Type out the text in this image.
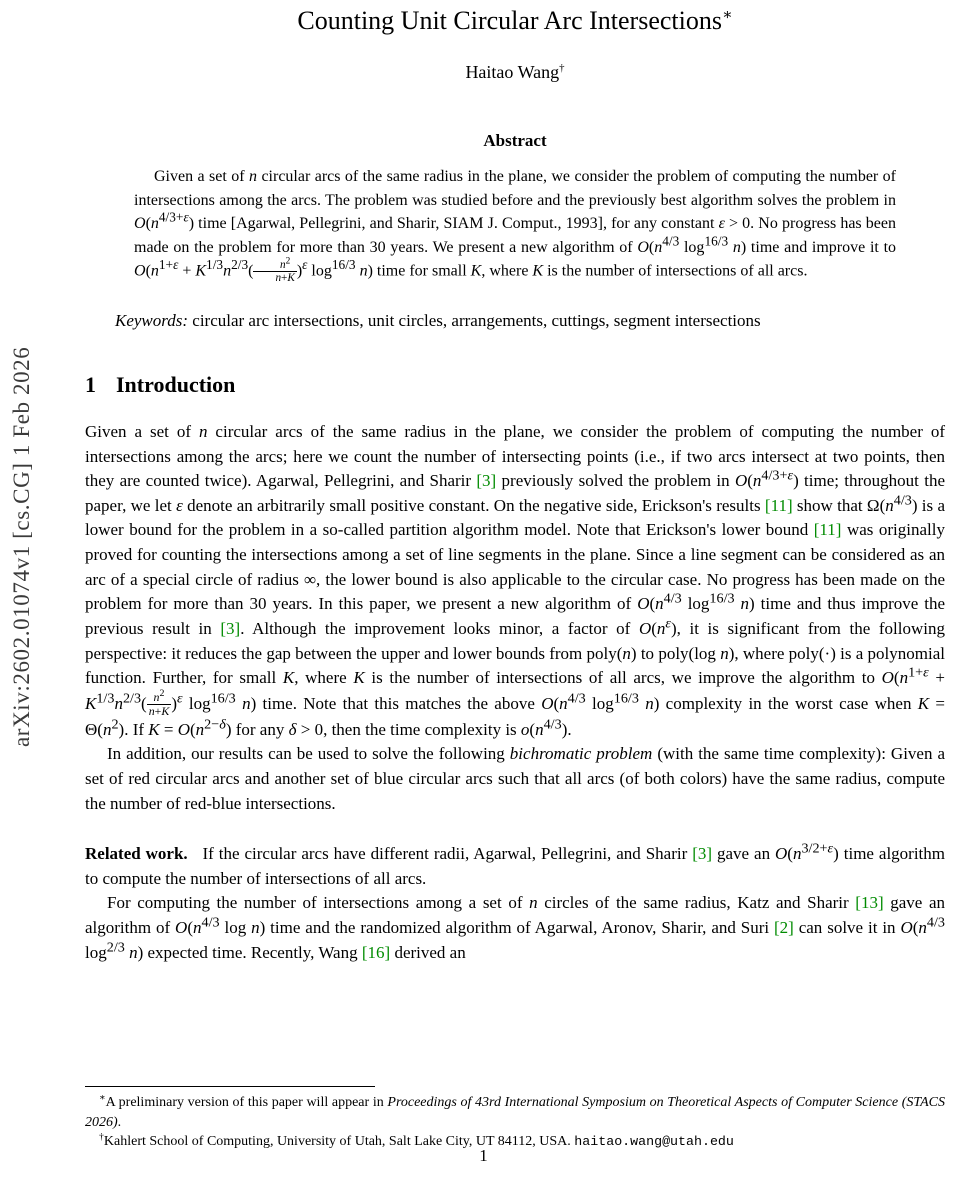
arXiv:2602.01074v1 [cs.CG] 1 Feb 2026
Counting Unit Circular Arc Intersections∗
Haitao Wang†
Abstract

Given a set of n circular arcs of the same radius in the plane, we consider the problem of computing the number of intersections among the arcs. The problem was studied before and the previously best algorithm solves the problem in $O(n^{4/3+\varepsilon})$ time [Agarwal, Pellegrini, and Sharir, SIAM J. Comput., 1993], for any constant ε > 0. No progress has been made on the problem for more than 30 years. We present a new algorithm of $O(n^{4/3}$ $\log^{16/3} n$) time and improve it to $O(n^{1+\varepsilon} + K^{1/3}n^{2/3}( \frac{n^2}{n+K} )^\varepsilon$ $\log^{16/3} n$) time for small K, where K is the number of intersections of all arcs.

Keywords: circular arc intersections, unit circles, arrangements, cuttings, segment intersections

1 Introduction

Given a set of n circular arcs of the same radius in the plane, we consider the problem of computing the number of intersections among the arcs; here we count the number of intersecting points (i.e., if two arcs intersect at two points, then they are counted twice). Agarwal, Pellegrini, and Sharir [3] previously solved the problem in $O(n^{4/3+\varepsilon})$ time; throughout the paper, we let ε denote an arbitrarily small positive constant. On the negative side, Erickson's results [11] show that $\Omega(n^{4/3})$ is a lower bound for the problem in a so-called partition algorithm model. Note that Erickson's lower bound [11] was originally proved for counting the intersections among a set of line segments in the plane. Since a line segment can be considered as an arc of a special circle of radius ∞, the lower bound is also applicable to the circular case. No progress has been made on the problem for more than 30 years. In this paper, we present a new algorithm of $O(n^{4/3}$ $\log^{16/3} n$) time and thus improve the previous result in [3]. Although the improvement looks minor, a factor of $O(n^\varepsilon)$, it is significant from the following perspective: it reduces the gap between the upper and lower bounds from poly(n) to poly(log n), where poly(·) is a polynomial function. Further, for small K, where K is the number of intersections of all arcs, we improve the algorithm to $O(n^{1+\varepsilon} + K^{1/3}n^{2/3}( \frac{n^2}{n+K} )^\varepsilon$ $\log^{16/3} n$) time. Note that this matches the above $O(n^{4/3}$ $\log^{16/3} n$) complexity in the worst case when $K = \Theta(n^2)$. If $K = O(n^{2-\delta})$ for any δ > 0, then the time complexity is $o(n^{4/3})$.

In addition, our results can be used to solve the following bichromatic problem (with the same time complexity): Given a set of red circular arcs and another set of blue circular arcs such that all arcs (of both colors) have the same radius, compute the number of red-blue intersections.

Related work.   If the circular arcs have different radii, Agarwal, Pellegrini, and Sharir [3] gave an $O(n^{3/2+\varepsilon})$ time algorithm to compute the number of intersections of all arcs.

For computing the number of intersections among a set of n circles of the same radius, Katz and Sharir [13] gave an algorithm of $O(n^{4/3}$ log n) time and the randomized algorithm of Agarwal, Aronov, Sharir, and Suri [2] can solve it in $O(n^{4/3}$ $\log^{2/3} n$) expected time. Recently, Wang [16] derived an

∗A preliminary version of this paper will appear in Proceedings of 43rd International Symposium on Theoretical Aspects of Computer Science (STACS 2026).

†Kahlert School of Computing, University of Utah, Salt Lake City, UT 84112, USA. haitao.wang@utah.edu

1
